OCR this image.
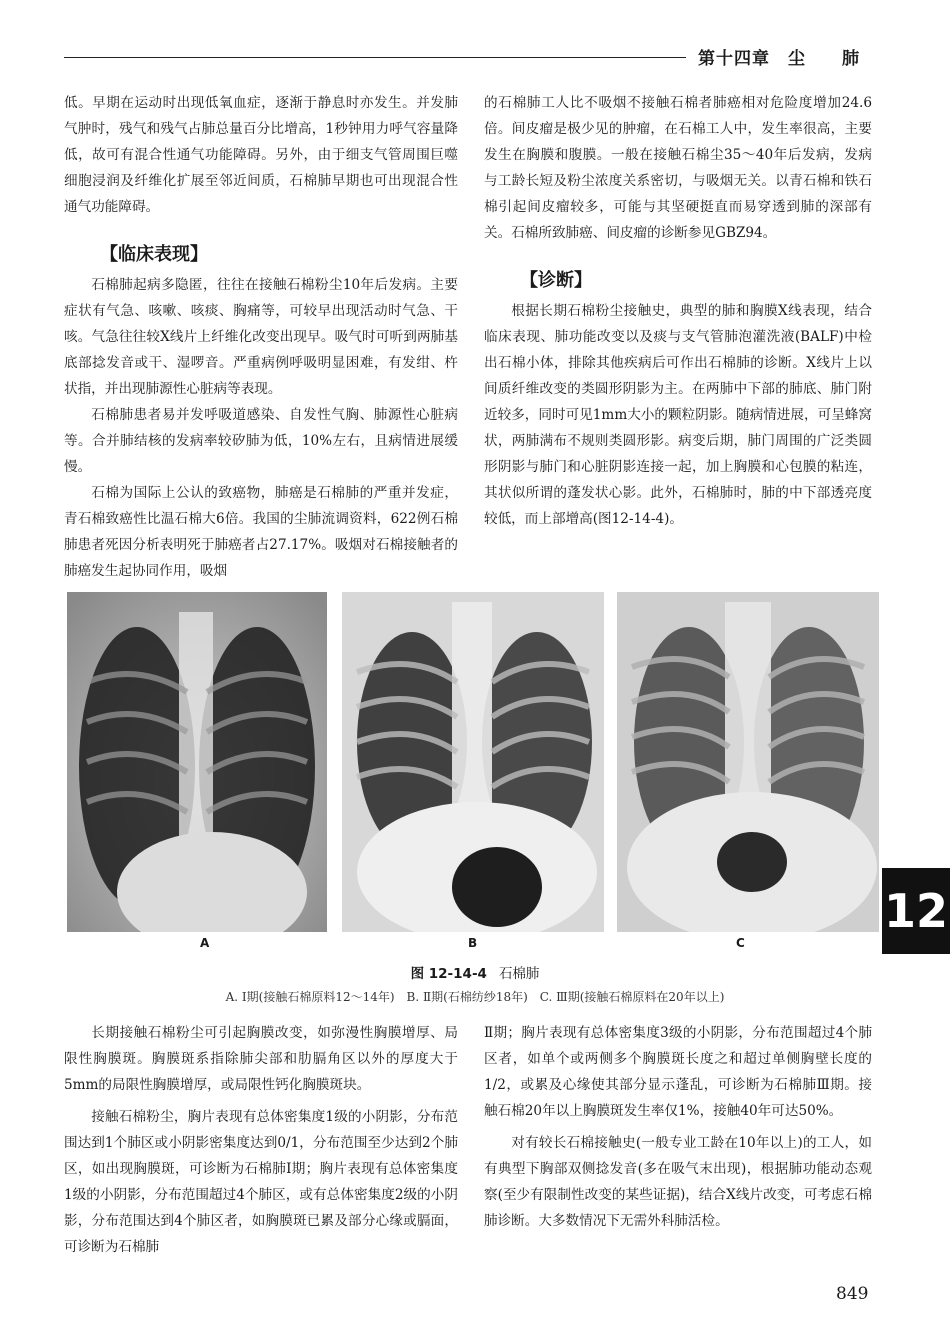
第十四章　尘　　肺

低。早期在运动时出现低氧血症，逐渐于静息时亦发生。并发肺气肿时，残气和残气占肺总量百分比增高，1秒钟用力呼气容量降低，故可有混合性通气功能障碍。另外，由于细支气管周围巨噬细胞浸润及纤维化扩展至邻近间质，石棉肺早期也可出现混合性通气功能障碍。

【临床表现】

石棉肺起病多隐匿，往往在接触石棉粉尘10年后发病。主要症状有气急、咳嗽、咳痰、胸痛等，可较早出现活动时气急、干咳。气急往往较X线片上纤维化改变出现早。吸气时可听到两肺基底部捻发音或干、湿啰音。严重病例呼吸明显困难，有发绀、杵状指，并出现肺源性心脏病等表现。

石棉肺患者易并发呼吸道感染、自发性气胸、肺源性心脏病等。合并肺结核的发病率较矽肺为低，10%左右，且病情进展缓慢。

石棉为国际上公认的致癌物，肺癌是石棉肺的严重并发症，青石棉致癌性比温石棉大6倍。我国的尘肺流调资料，622例石棉肺患者死因分析表明死于肺癌者占27.17%。吸烟对石棉接触者的肺癌发生起协同作用，吸烟

的石棉肺工人比不吸烟不接触石棉者肺癌相对危险度增加24.6倍。间皮瘤是极少见的肿瘤，在石棉工人中，发生率很高，主要发生在胸膜和腹膜。一般在接触石棉尘35～40年后发病，发病与工龄长短及粉尘浓度关系密切，与吸烟无关。以青石棉和铁石棉引起间皮瘤较多，可能与其坚硬挺直而易穿透到肺的深部有关。石棉所致肺癌、间皮瘤的诊断参见GBZ94。

【诊断】

根据长期石棉粉尘接触史，典型的肺和胸膜X线表现，结合临床表现、肺功能改变以及痰与支气管肺泡灌洗液(BALF)中检出石棉小体，排除其他疾病后可作出石棉肺的诊断。X线片上以间质纤维改变的类圆形阴影为主。在两肺中下部的肺底、肺门附近较多，同时可见1mm大小的颗粒阴影。随病情进展，可呈蜂窝状，两肺满布不规则类圆形影。病变后期，肺门周围的广泛类圆形阴影与肺门和心脏阴影连接一起，加上胸膜和心包膜的粘连，其状似所谓的蓬发状心影。此外，石棉肺时，肺的中下部透亮度较低，而上部增高(图12-14-4)。

A	B	C
图 12-14-4 石棉肺
A. Ⅰ期(接触石棉原料12～14年)　B. Ⅱ期(石棉纺纱18年)　C. Ⅲ期(接触石棉原料在20年以上)

长期接触石棉粉尘可引起胸膜改变，如弥漫性胸膜增厚、局限性胸膜斑。胸膜斑系指除肺尖部和肋膈角区以外的厚度大于5mm的局限性胸膜增厚，或局限性钙化胸膜斑块。

接触石棉粉尘，胸片表现有总体密集度1级的小阴影，分布范围达到1个肺区或小阴影密集度达到0/1，分布范围至少达到2个肺区，如出现胸膜斑，可诊断为石棉肺Ⅰ期；胸片表现有总体密集度1级的小阴影，分布范围超过4个肺区，或有总体密集度2级的小阴影，分布范围达到4个肺区者，如胸膜斑已累及部分心缘或膈面，可诊断为石棉肺

Ⅱ期；胸片表现有总体密集度3级的小阴影，分布范围超过4个肺区者，如单个或两侧多个胸膜斑长度之和超过单侧胸壁长度的1/2，或累及心缘使其部分显示蓬乱，可诊断为石棉肺Ⅲ期。接触石棉20年以上胸膜斑发生率仅1%，接触40年可达50%。

对有较长石棉接触史(一般专业工龄在10年以上)的工人，如有典型下胸部双侧捻发音(多在吸气末出现)，根据肺功能动态观察(至少有限制性改变的某些证据)，结合X线片改变，可考虑石棉肺诊断。大多数情况下无需外科肺活检。

12
849
